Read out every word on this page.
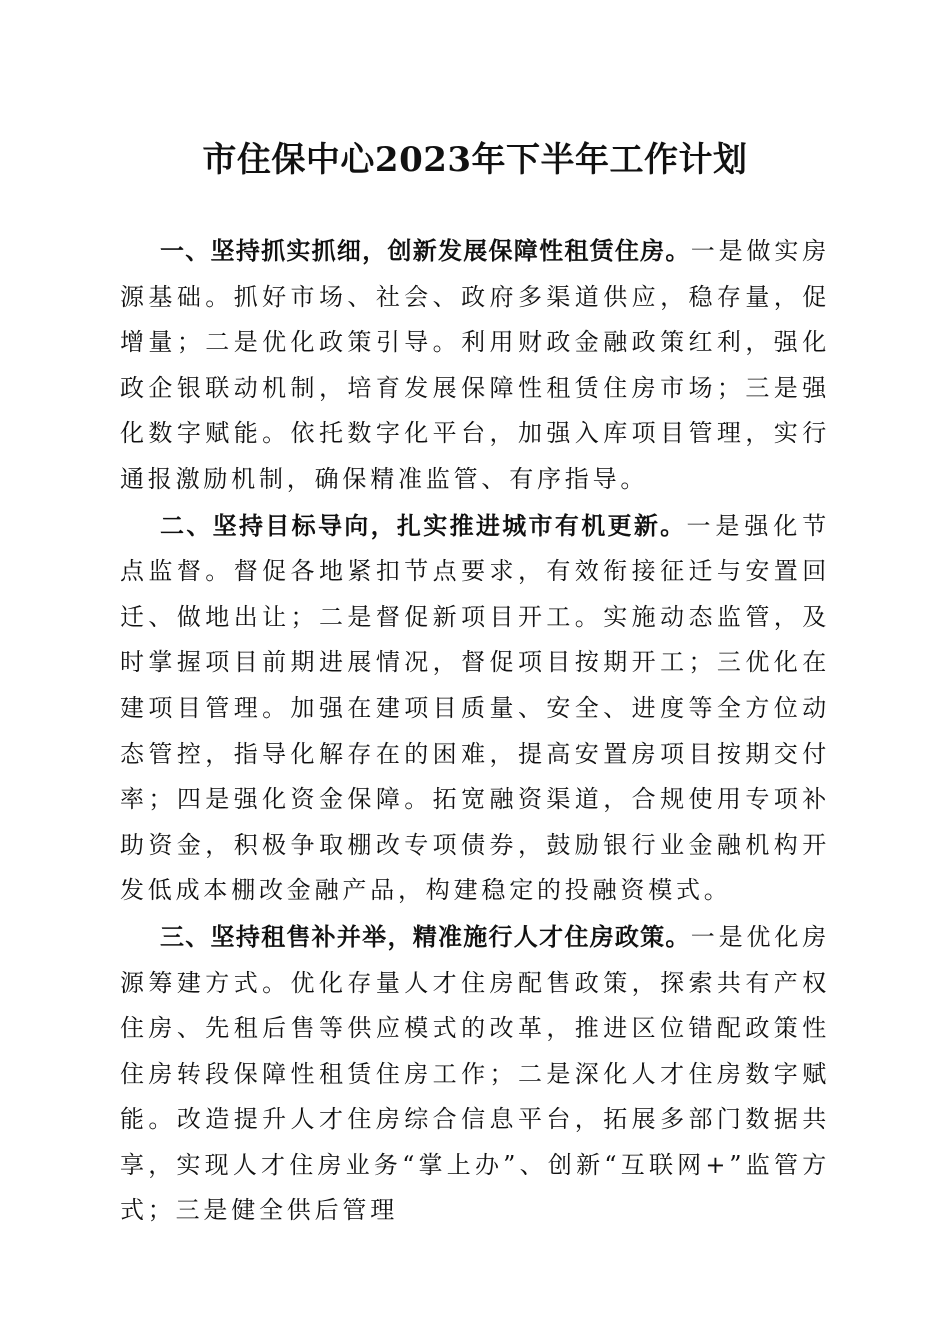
市住保中心2023年下半年工作计划

一、坚持抓实抓细，创新发展保障性租赁住房。一是做实房源基础。抓好市场、社会、政府多渠道供应，稳存量，促增量；二是优化政策引导。利用财政金融政策红利，强化政企银联动机制，培育发展保障性租赁住房市场；三是强化数字赋能。依托数字化平台，加强入库项目管理，实行通报激励机制，确保精准监管、有序指导。

二、坚持目标导向，扎实推进城市有机更新。一是强化节点监督。督促各地紧扣节点要求，有效衔接征迁与安置回迁、做地出让；二是督促新项目开工。实施动态监管，及时掌握项目前期进展情况，督促项目按期开工；三优化在建项目管理。加强在建项目质量、安全、进度等全方位动态管控，指导化解存在的困难，提高安置房项目按期交付率；四是强化资金保障。拓宽融资渠道，合规使用专项补助资金，积极争取棚改专项债券，鼓励银行业金融机构开发低成本棚改金融产品，构建稳定的投融资模式。

三、坚持租售补并举，精准施行人才住房政策。一是优化房源筹建方式。优化存量人才住房配售政策，探索共有产权住房、先租后售等供应模式的改革，推进区位错配政策性住房转段保障性租赁住房工作；二是深化人才住房数字赋能。改造提升人才住房综合信息平台，拓展多部门数据共享，实现人才住房业务“掌上办”、创新“互联网+”监管方式；三是健全供后管理
